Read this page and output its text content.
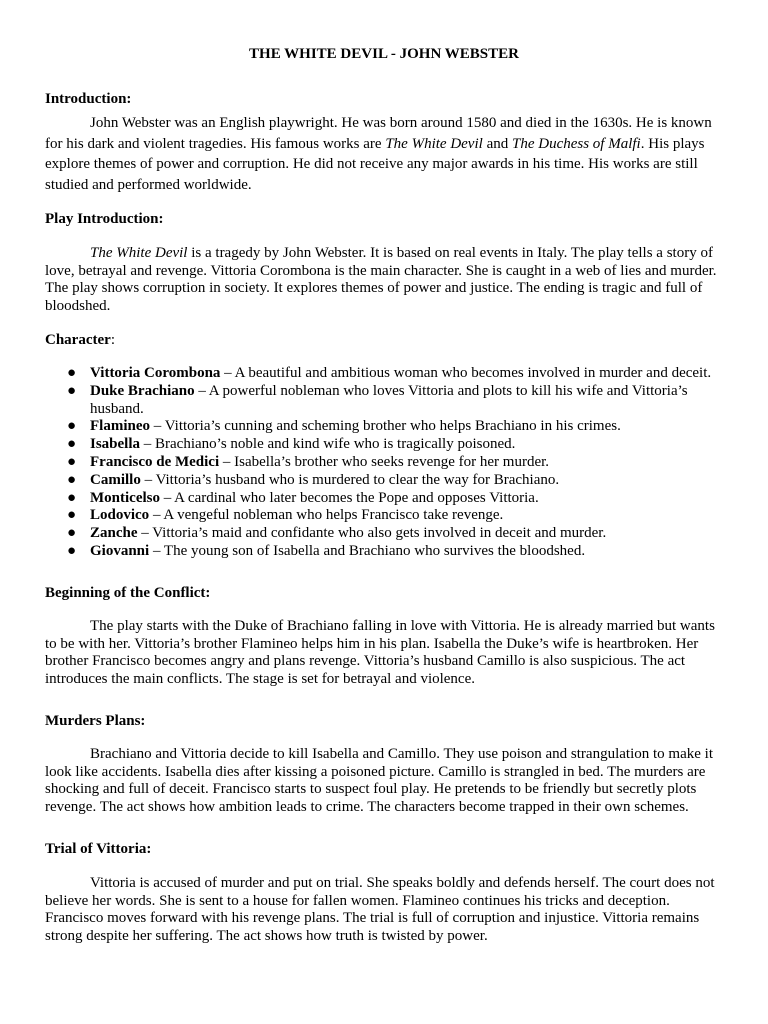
THE WHITE DEVIL - JOHN WEBSTER
Introduction:

John Webster was an English playwright. He was born around 1580 and died in the 1630s. He is known for his dark and violent tragedies. His famous works are The White Devil and The Duchess of Malfi. His plays explore themes of power and corruption. He did not receive any major awards in his time. His works are still studied and performed worldwide.

Play Introduction:

The White Devil is a tragedy by John Webster. It is based on real events in Italy. The play tells a story of love, betrayal and revenge. Vittoria Corombona is the main character. She is caught in a web of lies and murder. The play shows corruption in society. It explores themes of power and justice. The ending is tragic and full of bloodshed.

Character:
● Vittoria Corombona – A beautiful and ambitious woman who becomes involved in murder and deceit.
● Duke Brachiano – A powerful nobleman who loves Vittoria and plots to kill his wife and Vittoria’s husband.
● Flamineo – Vittoria’s cunning and scheming brother who helps Brachiano in his crimes.
● Isabella – Brachiano’s noble and kind wife who is tragically poisoned.
● Francisco de Medici – Isabella’s brother who seeks revenge for her murder.
● Camillo – Vittoria’s husband who is murdered to clear the way for Brachiano.
● Monticelso – A cardinal who later becomes the Pope and opposes Vittoria.
● Lodovico – A vengeful nobleman who helps Francisco take revenge.
● Zanche – Vittoria’s maid and confidante who also gets involved in deceit and murder.
● Giovanni – The young son of Isabella and Brachiano who survives the bloodshed.
Beginning of the Conflict:

The play starts with the Duke of Brachiano falling in love with Vittoria. He is already married but wants to be with her. Vittoria’s brother Flamineo helps him in his plan. Isabella the Duke’s wife is heartbroken. Her brother Francisco becomes angry and plans revenge. Vittoria’s husband Camillo is also suspicious. The act introduces the main conflicts. The stage is set for betrayal and violence.

Murders Plans:

Brachiano and Vittoria decide to kill Isabella and Camillo. They use poison and strangulation to make it look like accidents. Isabella dies after kissing a poisoned picture. Camillo is strangled in bed. The murders are shocking and full of deceit. Francisco starts to suspect foul play. He pretends to be friendly but secretly plots revenge. The act shows how ambition leads to crime. The characters become trapped in their own schemes.

Trial of Vittoria:

Vittoria is accused of murder and put on trial. She speaks boldly and defends herself. The court does not believe her words. She is sent to a house for fallen women. Flamineo continues his tricks and deception. Francisco moves forward with his revenge plans. The trial is full of corruption and injustice. Vittoria remains strong despite her suffering. The act shows how truth is twisted by power.
